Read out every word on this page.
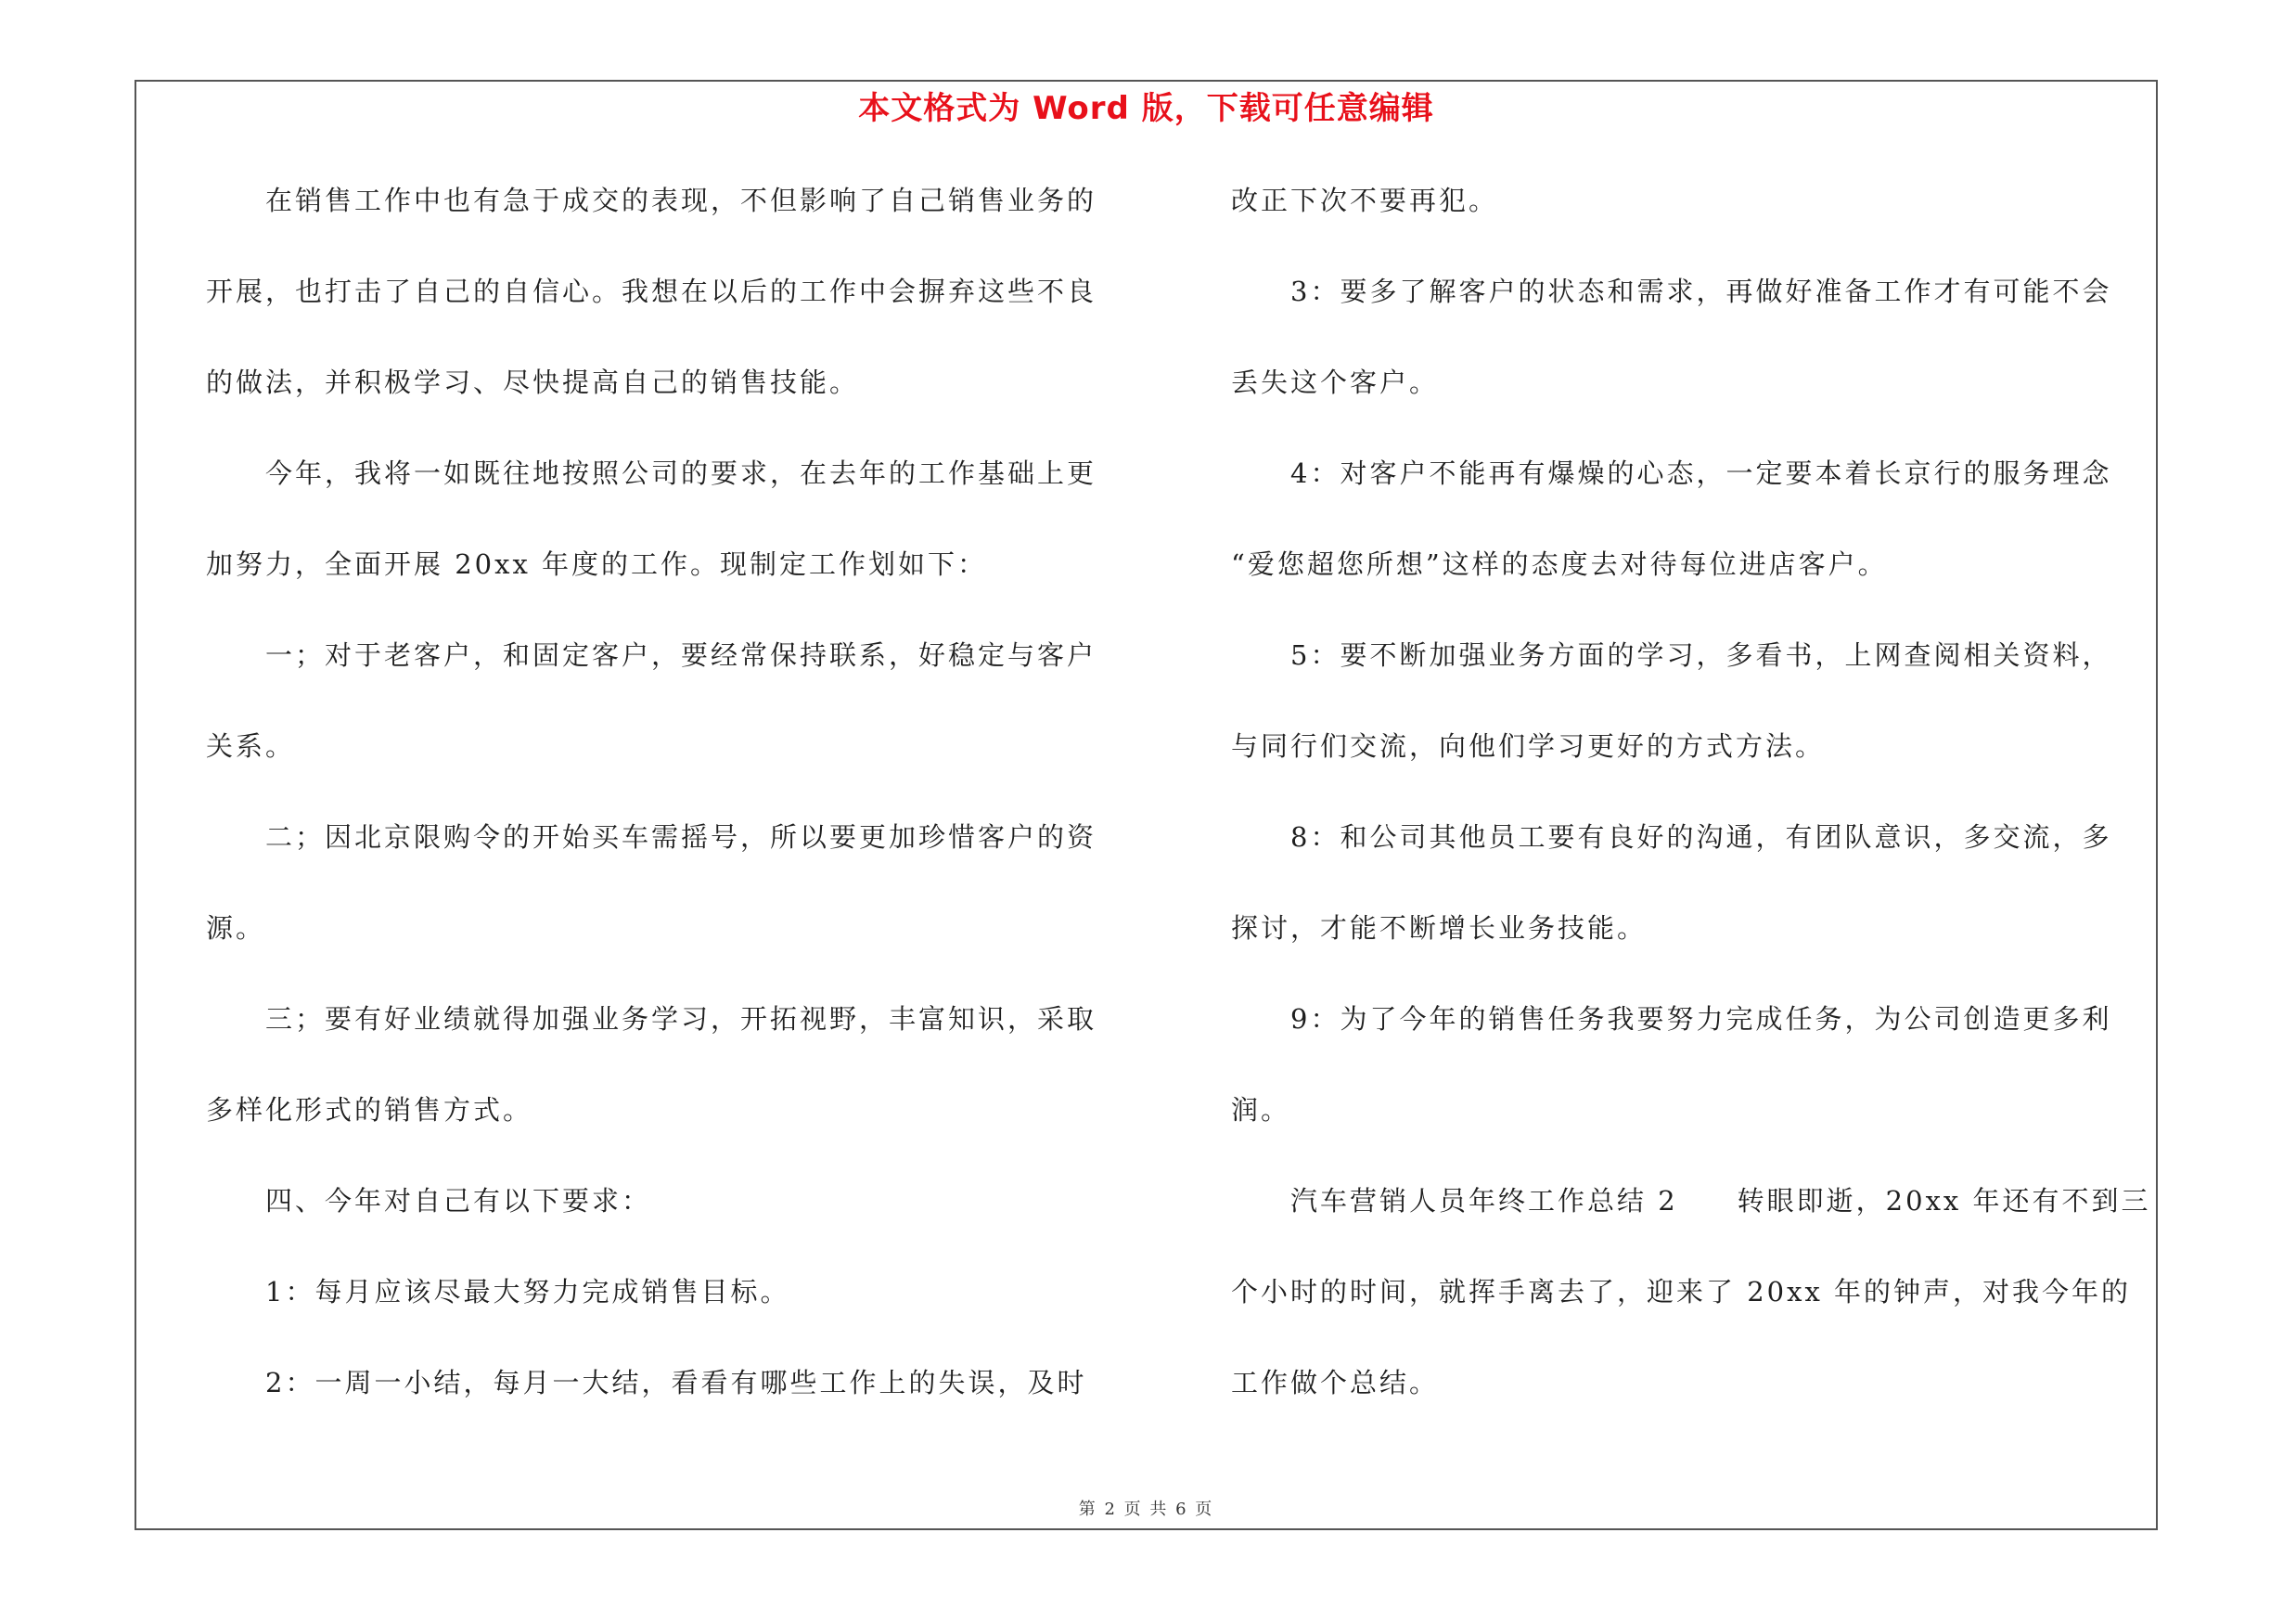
本文格式为 Word 版，下载可任意编辑
在销售工作中也有急于成交的表现，不但影响了自己销售业务的
开展，也打击了自己的自信心。我想在以后的工作中会摒弃这些不良
的做法，并积极学习、尽快提高自己的销售技能。
今年，我将一如既往地按照公司的要求，在去年的工作基础上更
加努力，全面开展 20xx 年度的工作。现制定工作划如下：
一；对于老客户，和固定客户，要经常保持联系，好稳定与客户
关系。
二；因北京限购令的开始买车需摇号，所以要更加珍惜客户的资
源。
三；要有好业绩就得加强业务学习，开拓视野，丰富知识，采取
多样化形式的销售方式。
四、今年对自己有以下要求：
1：每月应该尽最大努力完成销售目标。
2：一周一小结，每月一大结，看看有哪些工作上的失误，及时
改正下次不要再犯。
3：要多了解客户的状态和需求，再做好准备工作才有可能不会
丢失这个客户。
4：对客户不能再有爆燥的心态，一定要本着长京行的服务理念
“爱您超您所想”这样的态度去对待每位进店客户。
5：要不断加强业务方面的学习，多看书，上网查阅相关资料，
与同行们交流，向他们学习更好的方式方法。
8：和公司其他员工要有良好的沟通，有团队意识，多交流，多
探讨，才能不断增长业务技能。
9：为了今年的销售任务我要努力完成任务，为公司创造更多利
润。
汽车营销人员年终工作总结 2　　转眼即逝，20xx 年还有不到三
个小时的时间，就挥手离去了，迎来了 20xx 年的钟声，对我今年的
工作做个总结。
第 2 页 共 6 页
